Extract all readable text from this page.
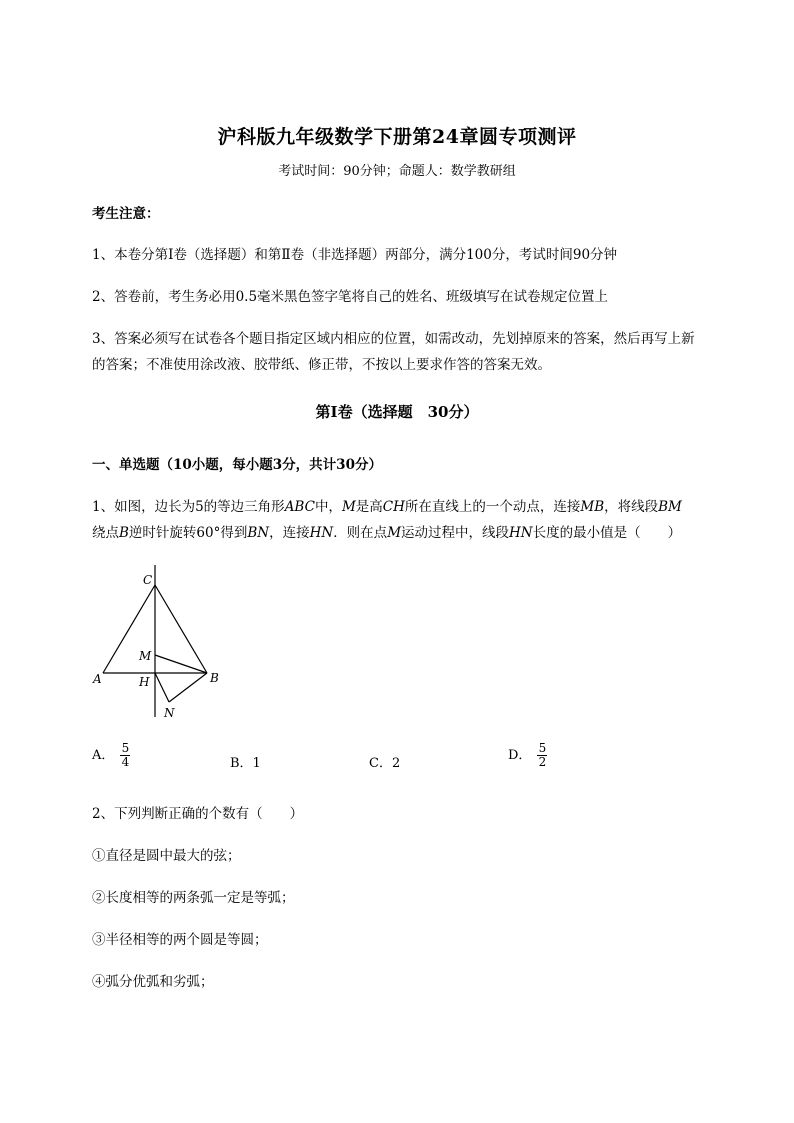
沪科版九年级数学下册第24章圆专项测评
考试时间：90分钟；命题人：数学教研组
考生注意：
1、本卷分第I卷（选择题）和第Ⅱ卷（非选择题）两部分，满分100分，考试时间90分钟
2、答卷前，考生务必用0.5毫米黑色签字笔将自己的姓名、班级填写在试卷规定位置上
3、答案必须写在试卷各个题目指定区域内相应的位置，如需改动，先划掉原来的答案，然后再写上新
的答案；不准使用涂改液、胶带纸、修正带，不按以上要求作答的答案无效。
第I卷（选择题　30分）
一、单选题（10小题，每小题3分，共计30分）
1、如图，边长为5的等边三角形ABC中，M是高CH所在直线上的一个动点，连接MB，将线段BM
绕点B逆时针旋转60°得到BN，连接HN．则在点M运动过程中，线段HN长度的最小值是（　　）
C
M
A	H	B
N
A． $\frac{5}{4}$	B．1	C．2
D． $\frac{5}{2}$
2、下列判断正确的个数有（　　）
①直径是圆中最大的弦；
②长度相等的两条弧一定是等弧；
③半径相等的两个圆是等圆；
④弧分优弧和劣弧；
